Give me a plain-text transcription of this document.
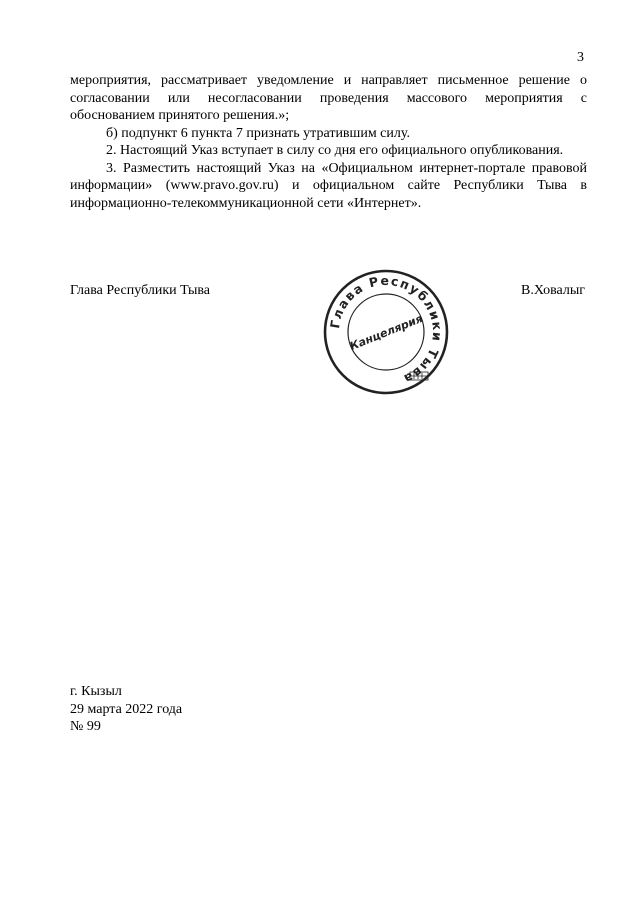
3

мероприятия, рассматривает уведомление и направляет письменное решение о согласовании или несогласовании проведения массового мероприятия с обоснованием принятого решения.»;

б) подпункт 6 пункта 7 признать утратившим силу.

2. Настоящий Указ вступает в силу со дня его официального опубликования.

3. Разместить настоящий Указ на «Официальном интернет-портале правовой информации» (www.pravo.gov.ru) и официальном сайте Республики Тыва в информационно-телекоммуникационной сети «Интернет».

Глава Республики Тыва	В.Ховалыг
Глава Республики Тыва
Канцелярия
г. Кызыл
29 марта 2022 года
№ 99
